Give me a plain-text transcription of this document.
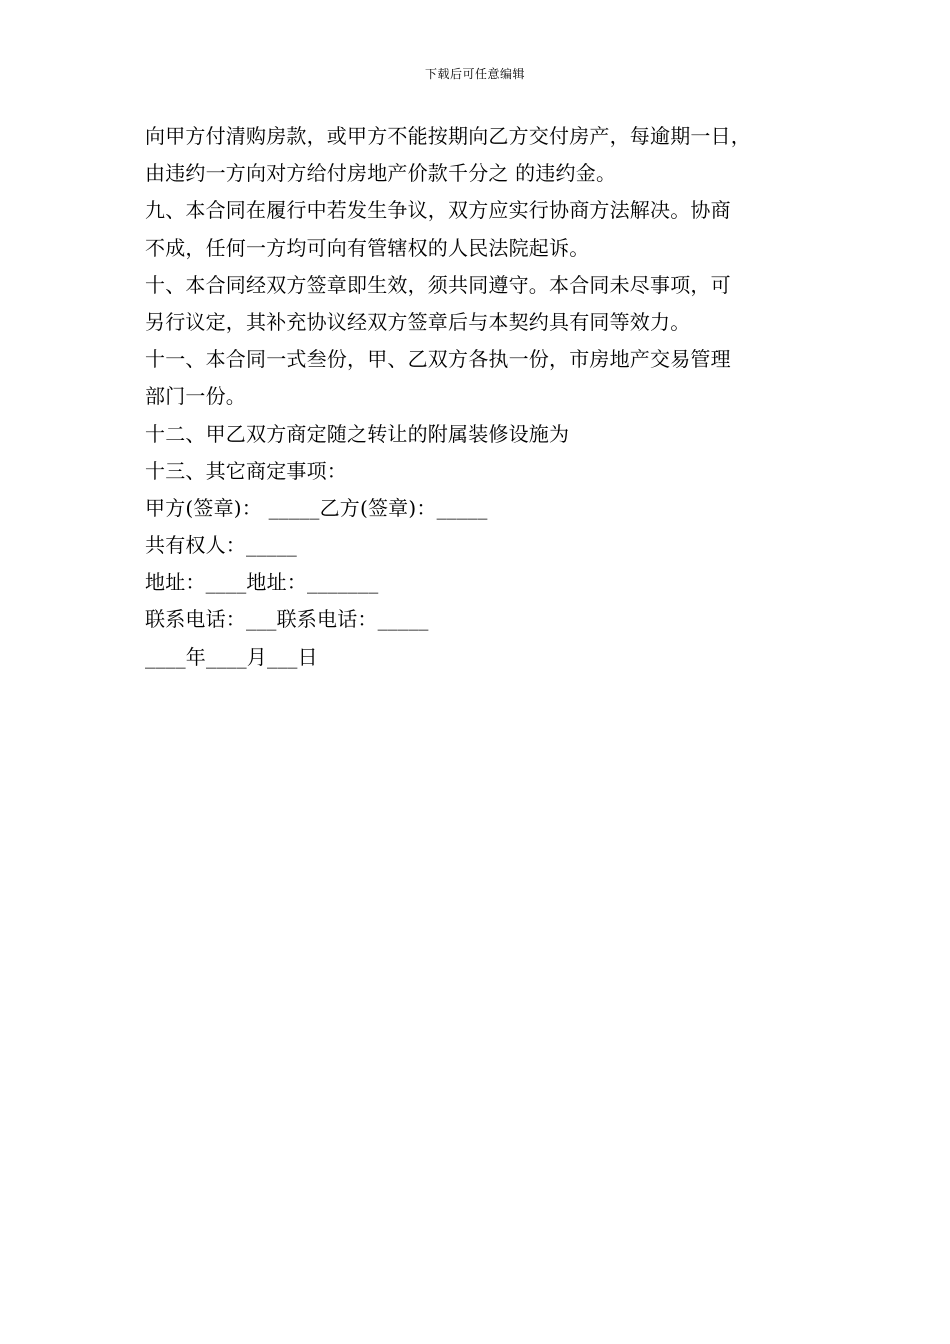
下载后可任意编辑
向甲方付清购房款，或甲方不能按期向乙方交付房产，每逾期一日，
由违约一方向对方给付房地产价款千分之 的违约金。
九、本合同在履行中若发生争议，双方应实行协商方法解决。协商
不成，任何一方均可向有管辖权的人民法院起诉。
十、本合同经双方签章即生效，须共同遵守。本合同未尽事项，可
另行议定，其补充协议经双方签章后与本契约具有同等效力。
十一、本合同一式叁份，甲、乙双方各执一份，市房地产交易管理
部门一份。
十二、甲乙双方商定随之转让的附属装修设施为
十三、其它商定事项：
甲方(签章)： _____乙方(签章)：_____
共有权人：_____
地址：____地址：_______
联系电话：___联系电话：_____
____年____月___日
